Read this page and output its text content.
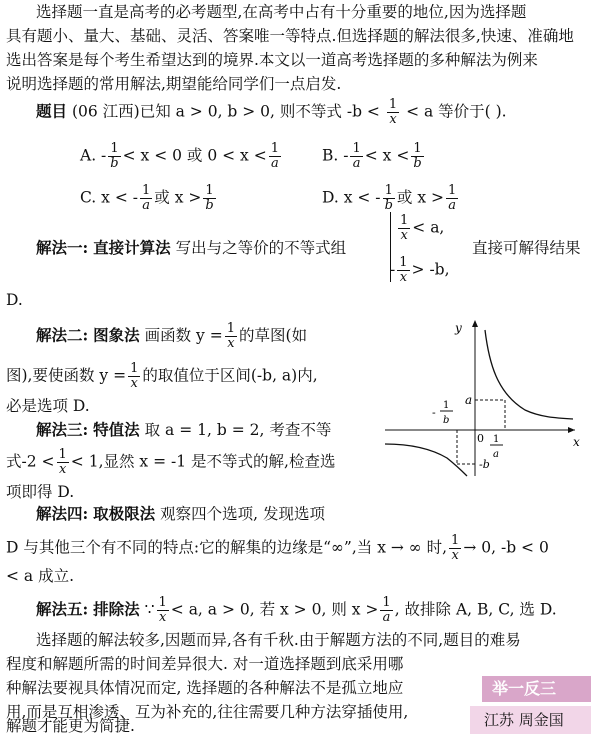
选择题一直是高考的必考题型,在高考中占有十分重要的地位,因为选择题
具有题小、量大、基础、灵活、答案唯一等特点.但选择题的解法很多,快速、准确地
选出答案是每个考生希望达到的境界.本文以一道高考选择题的多种解法为例来
说明选择题的常用解法,期望能给同学们一点启发.
题目 (06 江西)已知 a > 0, b > 0, 则不等式 $-b < \frac{1}{x} < a$ 等价于( ).
A. - $\frac{1}{b} < x < 0$ 或 $0 < x < \frac{1}{a}$	B. - $\frac{1}{a} < x < \frac{1}{b}$
C. x < - $\frac{1}{a}$ 或 $x > \frac{1}{b}$	D. x < - $\frac{1}{b}$ 或 $x > \frac{1}{a}$
解法一: 直接计算法 写出与之等价的不等式组
$\frac{1}{x} < a$,
- $\frac{1}{x} > -b$,
直接可解得结果
D.
解法二: 图象法 画函数 $y = \frac{1}{x}$ 的草图(如
图),要使函数 $y = \frac{1}{x}$ 的取值位于区间(-b, a)内,
必是选项 D.
解法三: 特值法 取 a = 1, b = 2, 考查不等
式$-2 < \frac{1}{x} < 1$,显然 x = -1 是不等式的解,检查选
项即得 D.
y
x
a
0
-b
1
b
-
1
a
解法四: 取极限法 观察四个选项, 发现选项
D 与其他三个有不同的特点:它的解集的边缘是“∞”,当 x → ∞ 时, $\frac{1}{x} \to 0$, -b < 0
< a 成立.
解法五: 排除法 ∵ $\frac{1}{x} < a$, a > 0, 若 x > 0, 则 $x > \frac{1}{a}$ , 故排除 A, B, C, 选 D.
选择题的解法较多,因题而异,各有千秋.由于解题方法的不同,题目的难易
程度和解题所需的时间差异很大. 对一道选择题到底采用哪
种解法要视具体情况而定, 选择题的各种解法不是孤立地应
用,而是互相渗透、互为补充的,往往需要几种方法穿插使用,
解题才能更为简捷.
举一反三
江苏 周金国
